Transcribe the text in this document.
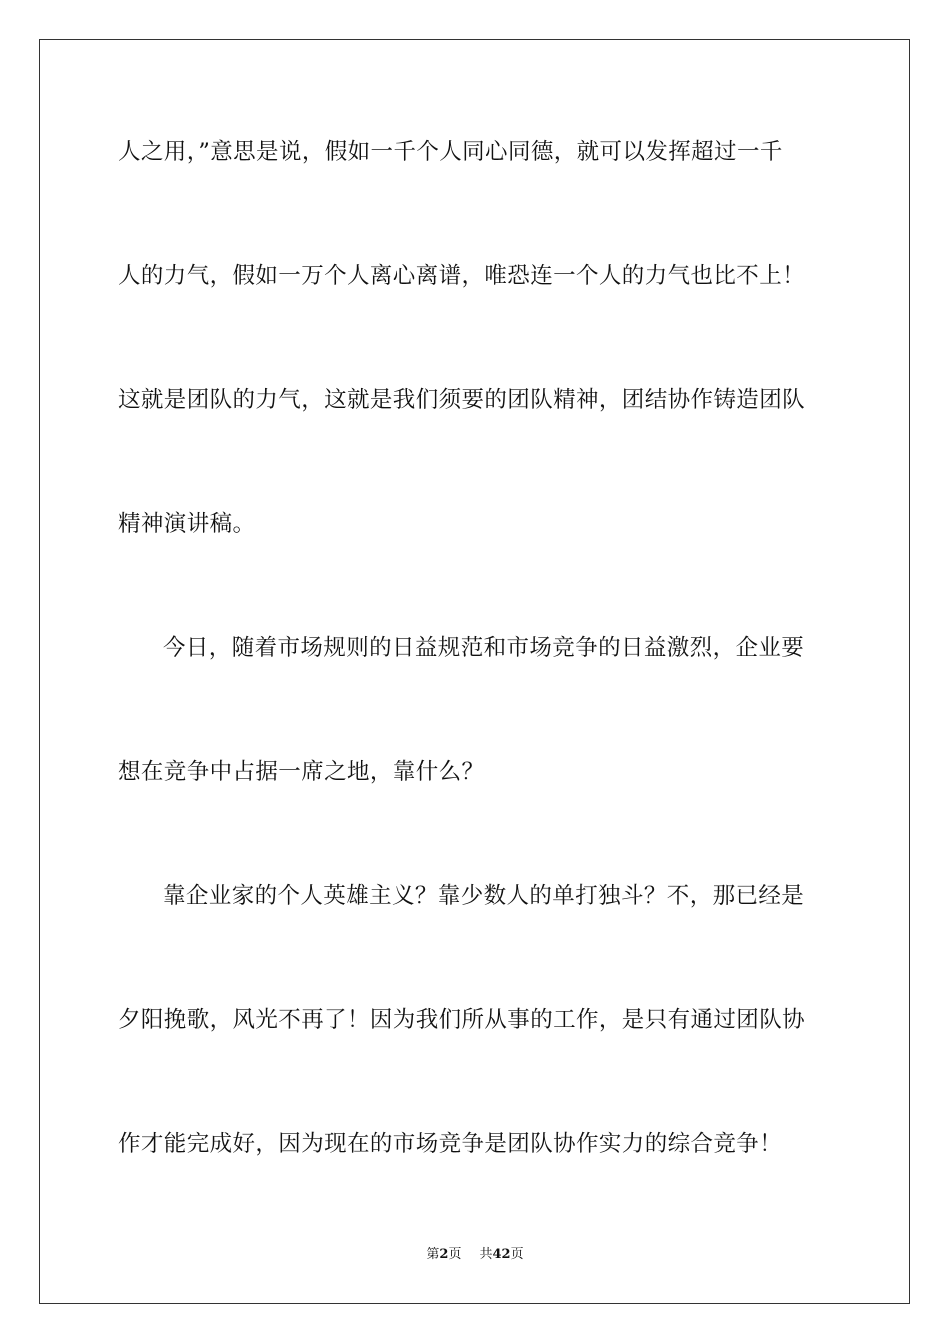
人之用，”意思是说，假如一千个人同心同德，就可以发挥超过一千
人的力气，假如一万个人离心离谱，唯恐连一个人的力气也比不上！
这就是团队的力气，这就是我们须要的团队精神，团结协作铸造团队
精神演讲稿。
今日，随着市场规则的日益规范和市场竞争的日益激烈，企业要
想在竞争中占据一席之地，靠什么？
靠企业家的个人英雄主义？靠少数人的单打独斗？不，那已经是
夕阳挽歌，风光不再了！因为我们所从事的工作，是只有通过团队协
作才能完成好，因为现在的市场竞争是团队协作实力的综合竞争！
第2页 共42页
